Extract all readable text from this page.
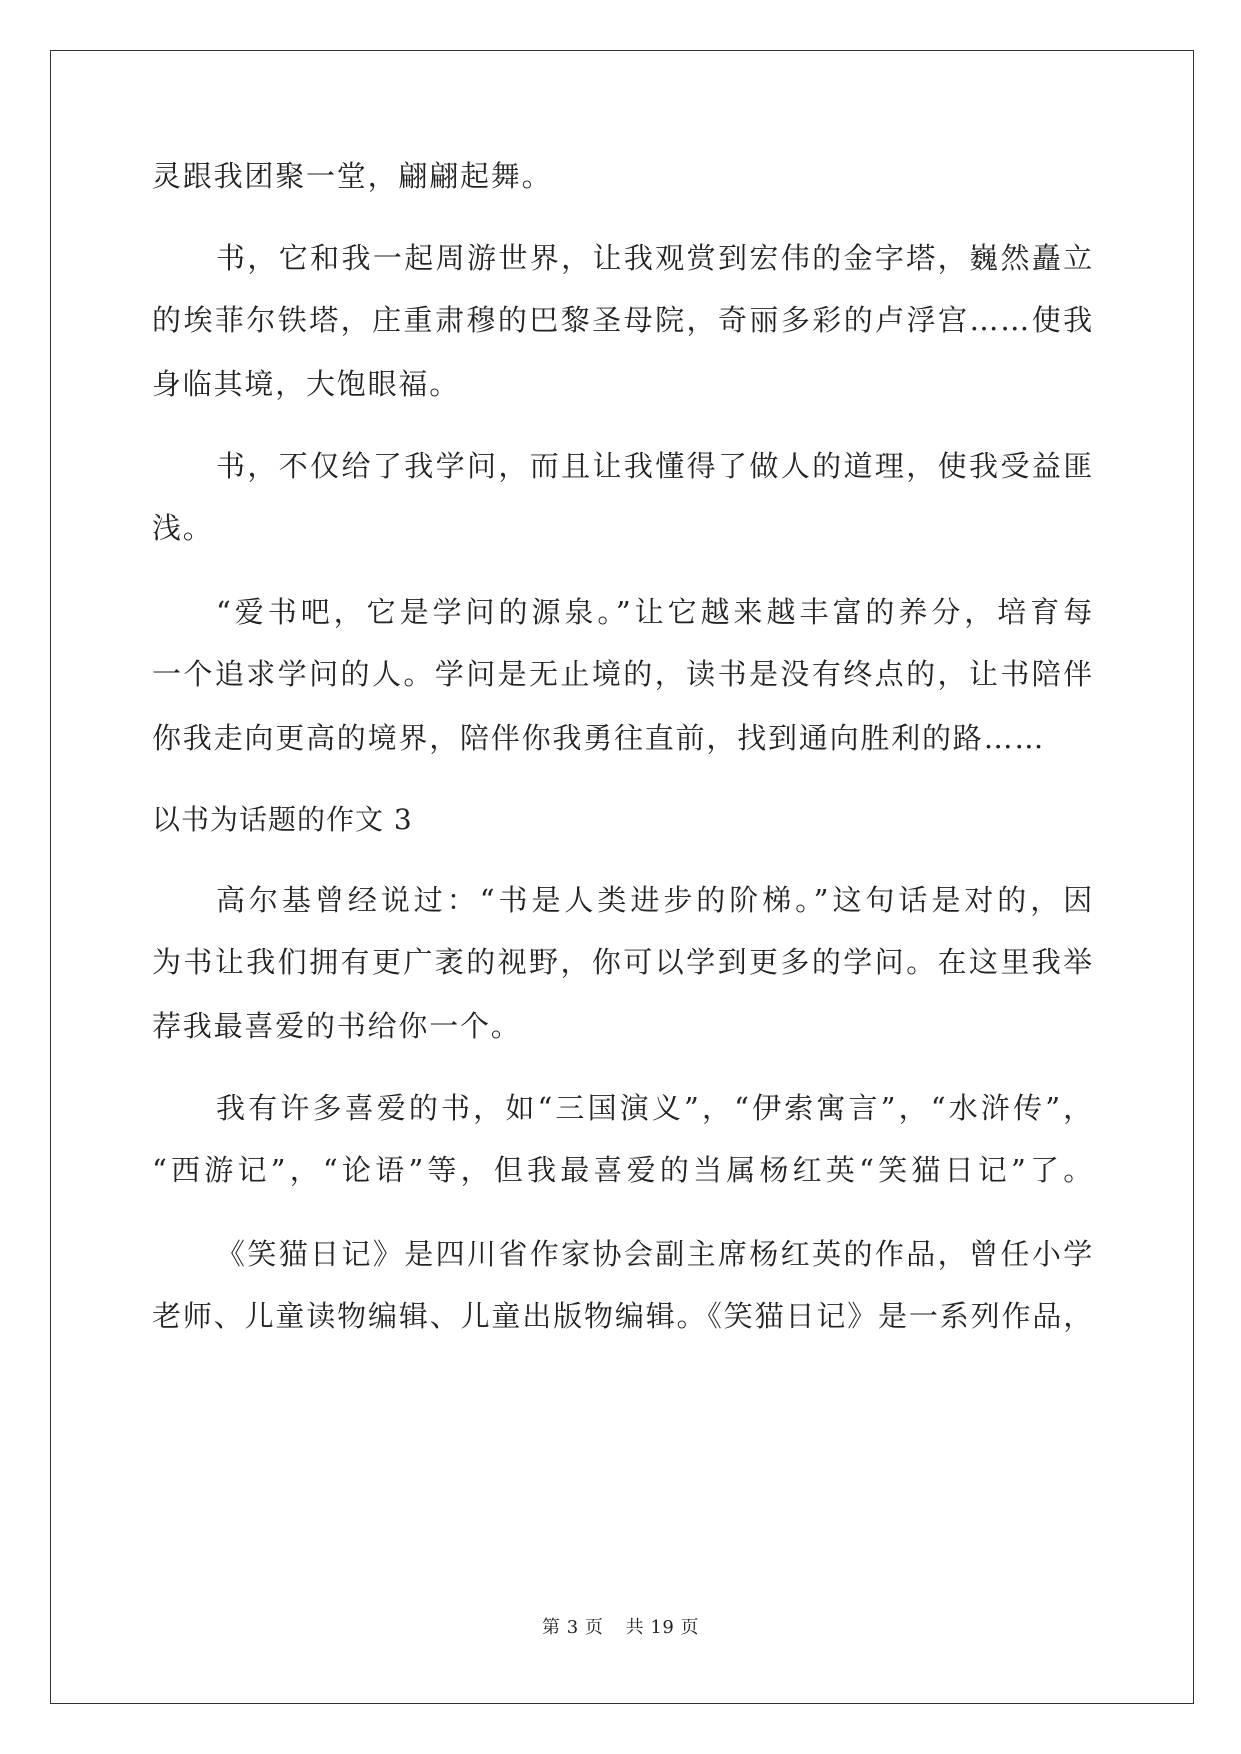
灵跟我团聚一堂，翩翩起舞。
书，它和我一起周游世界，让我观赏到宏伟的金字塔，巍然矗立
的埃菲尔铁塔，庄重肃穆的巴黎圣母院，奇丽多彩的卢浮宫……使我
身临其境，大饱眼福。
书，不仅给了我学问，而且让我懂得了做人的道理，使我受益匪
浅。
“爱书吧，它是学问的源泉。”让它越来越丰富的养分，培育每
一个追求学问的人。学问是无止境的，读书是没有终点的，让书陪伴
你我走向更高的境界，陪伴你我勇往直前，找到通向胜利的路……
以书为话题的作文 3
高尔基曾经说过：“书是人类进步的阶梯。”这句话是对的，因
为书让我们拥有更广袤的视野，你可以学到更多的学问。在这里我举
荐我最喜爱的书给你一个。
我有许多喜爱的书，如“三国演义”，“伊索寓言”，“水浒传”，
“西游记”，“论语”等，但我最喜爱的当属杨红英“笑猫日记”了。
《笑猫日记》是四川省作家协会副主席杨红英的作品，曾任小学
老师、儿童读物编辑、儿童出版物编辑。《笑猫日记》是一系列作品，
第 3 页 共 19 页
